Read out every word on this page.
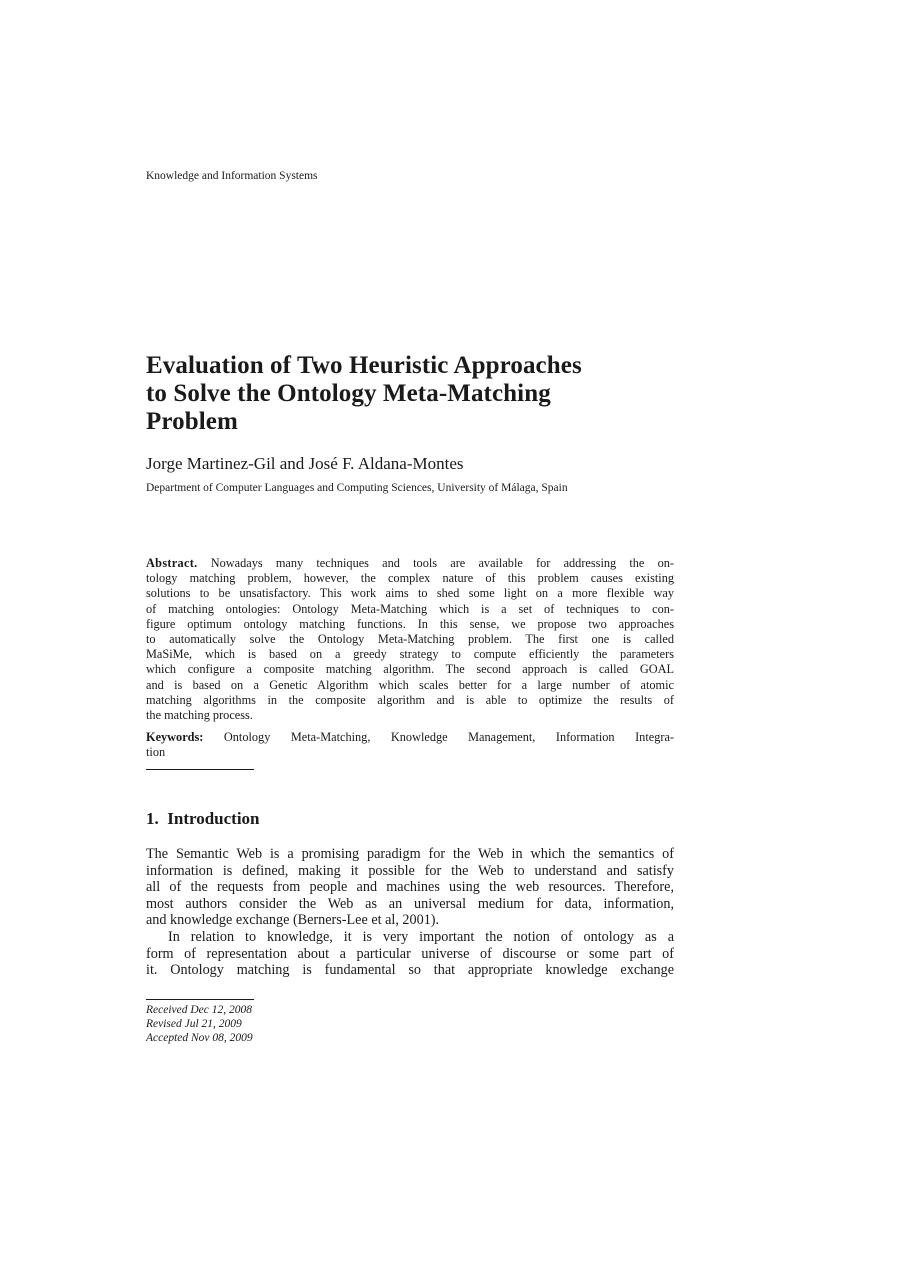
Knowledge and Information Systems
Evaluation of Two Heuristic Approaches
to Solve the Ontology Meta-Matching
Problem
Jorge Martinez-Gil and José F. Aldana-Montes
Department of Computer Languages and Computing Sciences, University of Málaga, Spain
Abstract. Nowadays many techniques and tools are available for addressing the on-
tology matching problem, however, the complex nature of this problem causes existing
solutions to be unsatisfactory. This work aims to shed some light on a more flexible way
of matching ontologies: Ontology Meta-Matching which is a set of techniques to con-
figure optimum ontology matching functions. In this sense, we propose two approaches
to automatically solve the Ontology Meta-Matching problem. The first one is called
MaSiMe, which is based on a greedy strategy to compute efficiently the parameters
which configure a composite matching algorithm. The second approach is called GOAL
and is based on a Genetic Algorithm which scales better for a large number of atomic
matching algorithms in the composite algorithm and is able to optimize the results of
the matching process.
Keywords: Ontology Meta-Matching, Knowledge Management, Information Integra-
tion
1. Introduction
The Semantic Web is a promising paradigm for the Web in which the semantics of
information is defined, making it possible for the Web to understand and satisfy
all of the requests from people and machines using the web resources. Therefore,
most authors consider the Web as an universal medium for data, information,
and knowledge exchange (Berners-Lee et al, 2001).
In relation to knowledge, it is very important the notion of ontology as a
form of representation about a particular universe of discourse or some part of
it. Ontology matching is fundamental so that appropriate knowledge exchange
Received Dec 12, 2008
Revised Jul 21, 2009
Accepted Nov 08, 2009
